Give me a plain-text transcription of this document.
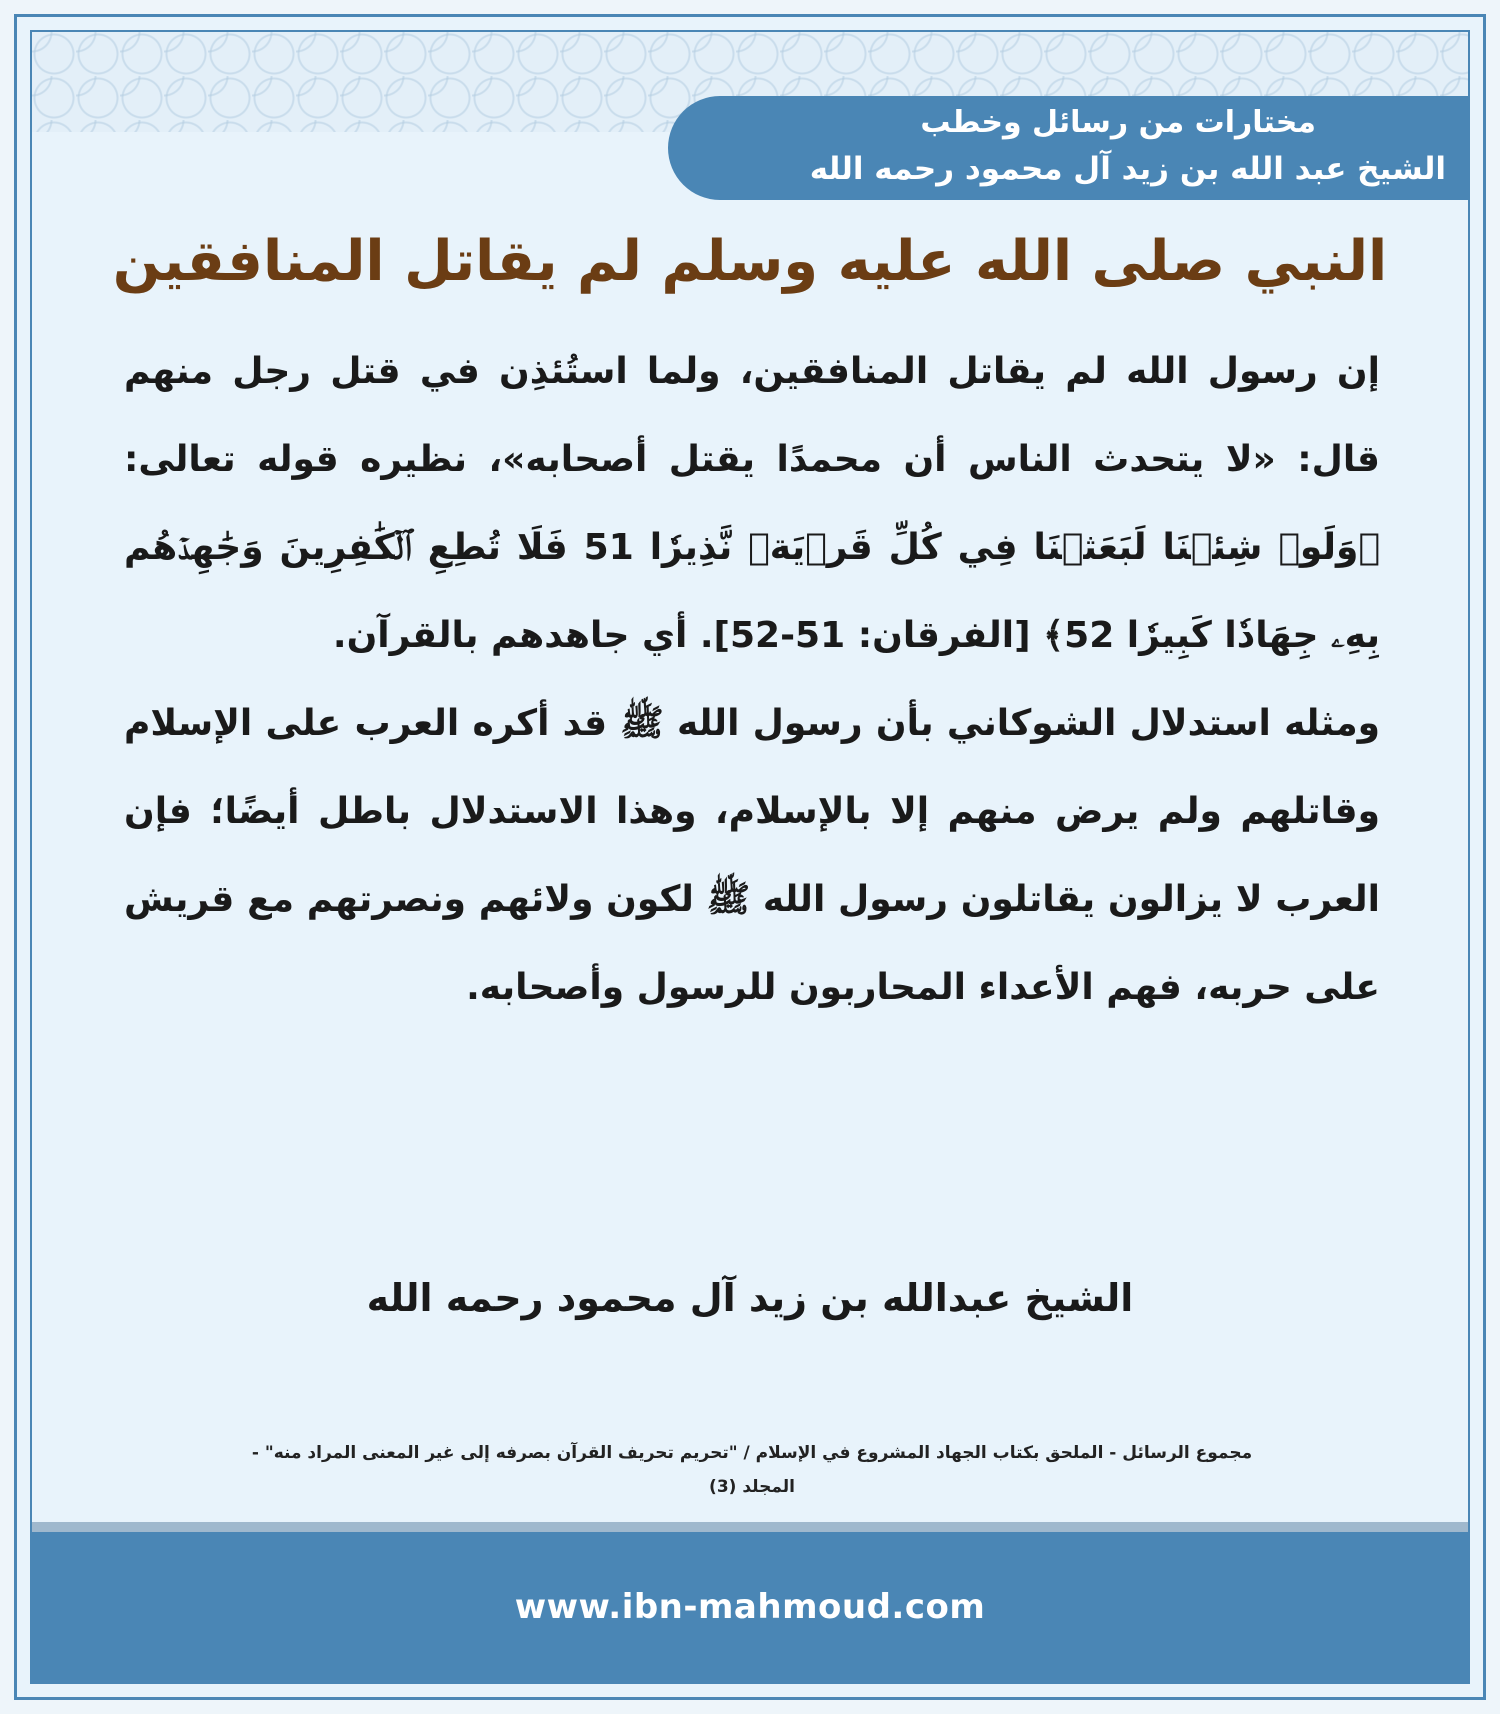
مختارات من رسائل وخطب
الشيخ عبد الله بن زيد آل محمود رحمه الله
النبي صلى الله عليه وسلم لم يقاتل المنافقين

إن رسول الله لم يقاتل المنافقين، ولما استُئذِن في قتل رجل منهم قال: «لا يتحدث الناس أن محمدًا يقتل أصحابه»، نظيره قوله تعالى: ﴿وَلَوۡ شِئۡنَا لَبَعَثۡنَا فِي كُلِّ قَرۡيَةٖ نَّذِيرٗا 51 فَلَا تُطِعِ ٱلۡكَٰفِرِينَ وَجَٰهِدۡهُم بِهِۦ جِهَادٗا كَبِيرٗا 52﴾ [الفرقان: 51-52]. أي جاهدهم بالقرآن.

ومثله استدلال الشوكاني بأن رسول الله ﷺ قد أكره العرب على الإسلام وقاتلهم ولم يرض منهم إلا بالإسلام، وهذا الاستدلال باطل أيضًا؛ فإن العرب لا يزالون يقاتلون رسول الله ﷺ لكون ولائهم ونصرتهم مع قريش على حربه، فهم الأعداء المحاربون للرسول وأصحابه.

الشيخ عبدالله بن زيد آل محمود رحمه الله
مجموع الرسائل - الملحق بكتاب الجهاد المشروع في الإسلام / "تحريم تحريف القرآن بصرفه إلى غير المعنى المراد منه" -
المجلد (3)
www.ibn-mahmoud.com
